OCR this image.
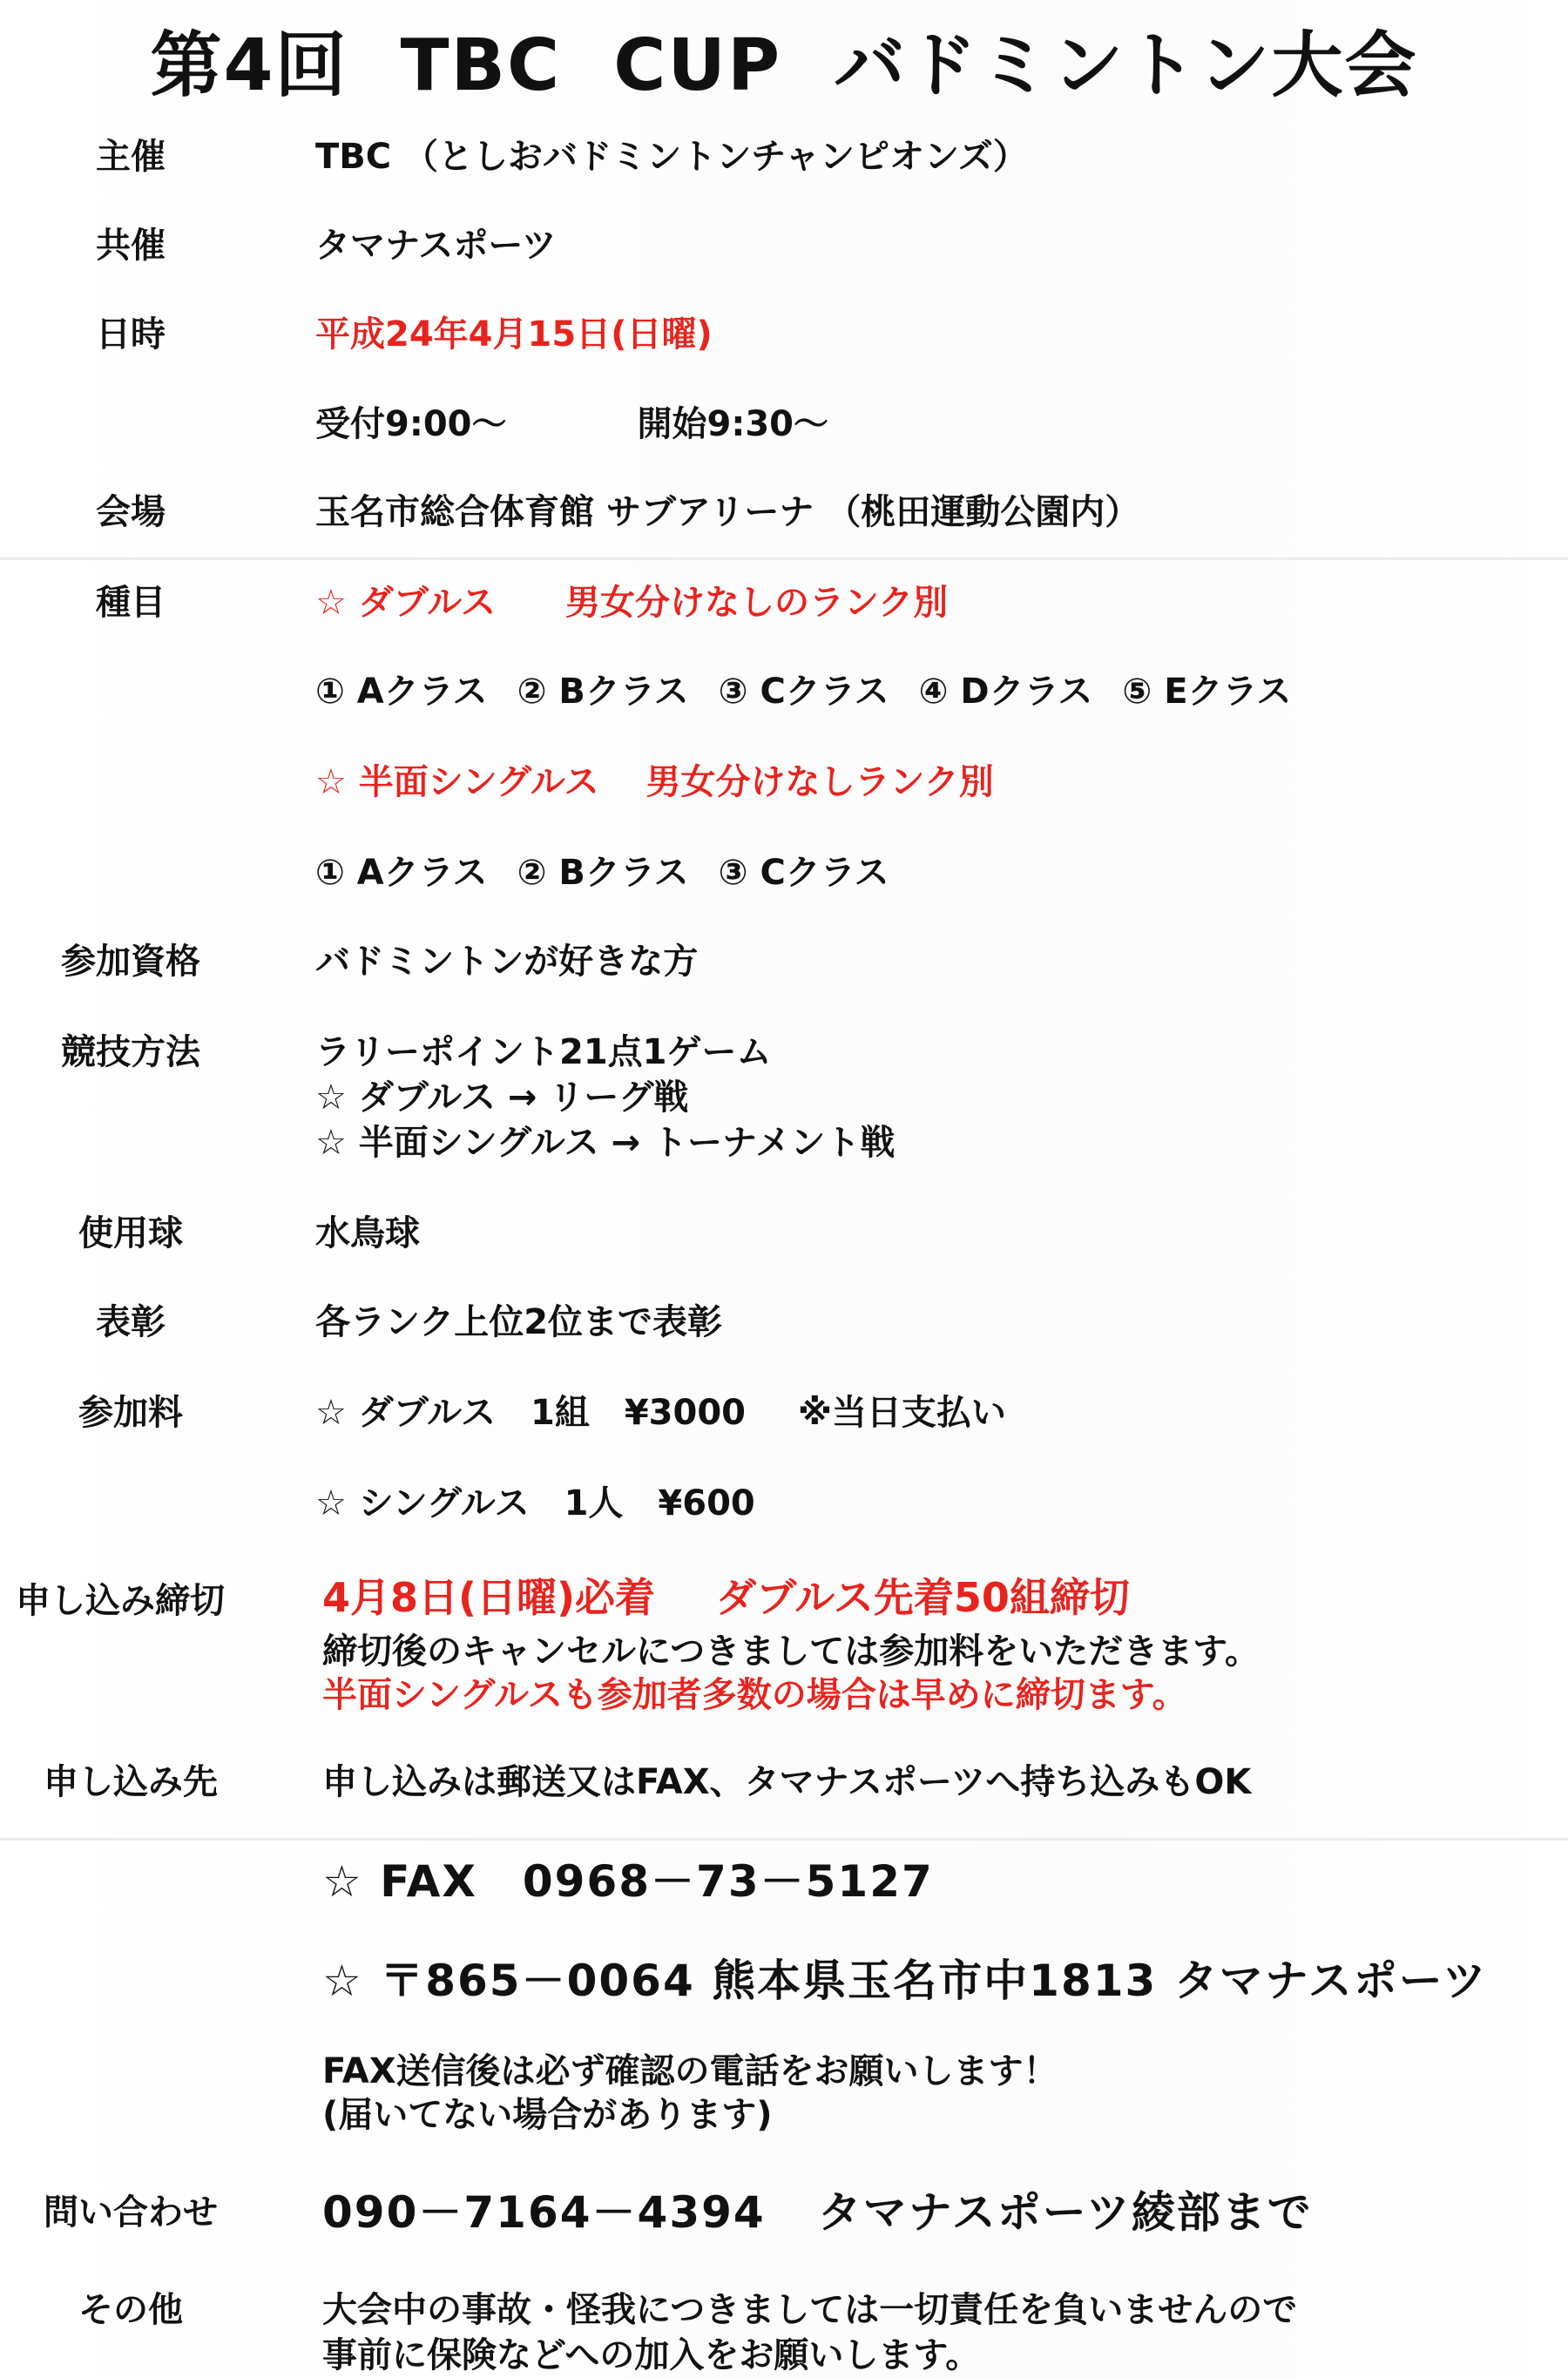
第4回 TBC CUP バドミントン大会
主催	TBC （としおバドミントンチャンピオンズ）
共催	タマナスポーツ
日時	平成24年4月15日(日曜)
受付9:00〜	開始9:30〜
会場	玉名市総合体育館 サブアリーナ （桃田運動公園内）
種目	☆ ダブルス　　男女分けなしのランク別
① Aクラス ② Bクラス ③ Cクラス ④ Dクラス ⑤ Eクラス
☆ 半面シングルス　 男女分けなしランク別
① Aクラス ② Bクラス ③ Cクラス
参加資格	バドミントンが好きな方
競技方法	ラリーポイント21点1ゲーム
☆ ダブルス → リーグ戦
☆ 半面シングルス → トーナメント戦
使用球	水鳥球
表彰	各ランク上位2位まで表彰
参加料	☆ ダブルス　1組　¥3000 ※当日支払い
☆ シングルス　1人　¥600
申し込み締切	4月8日(日曜)必着 ダブルス先着50組締切
締切後のキャンセルにつきましては参加料をいただきます。
半面シングルスも参加者多数の場合は早めに締切ます。
申し込み先	申し込みは郵送又はFAX、タマナスポーツへ持ち込みもOK
☆ FAX　0968－73－5127
☆ 〒865－0064 熊本県玉名市中1813 タマナスポーツ
FAX送信後は必ず確認の電話をお願いします！
(届いてない場合があります)
問い合わせ	090－7164－4394 タマナスポーツ綾部まで
その他	大会中の事故・怪我につきましては一切責任を負いませんので
事前に保険などへの加入をお願いします。
